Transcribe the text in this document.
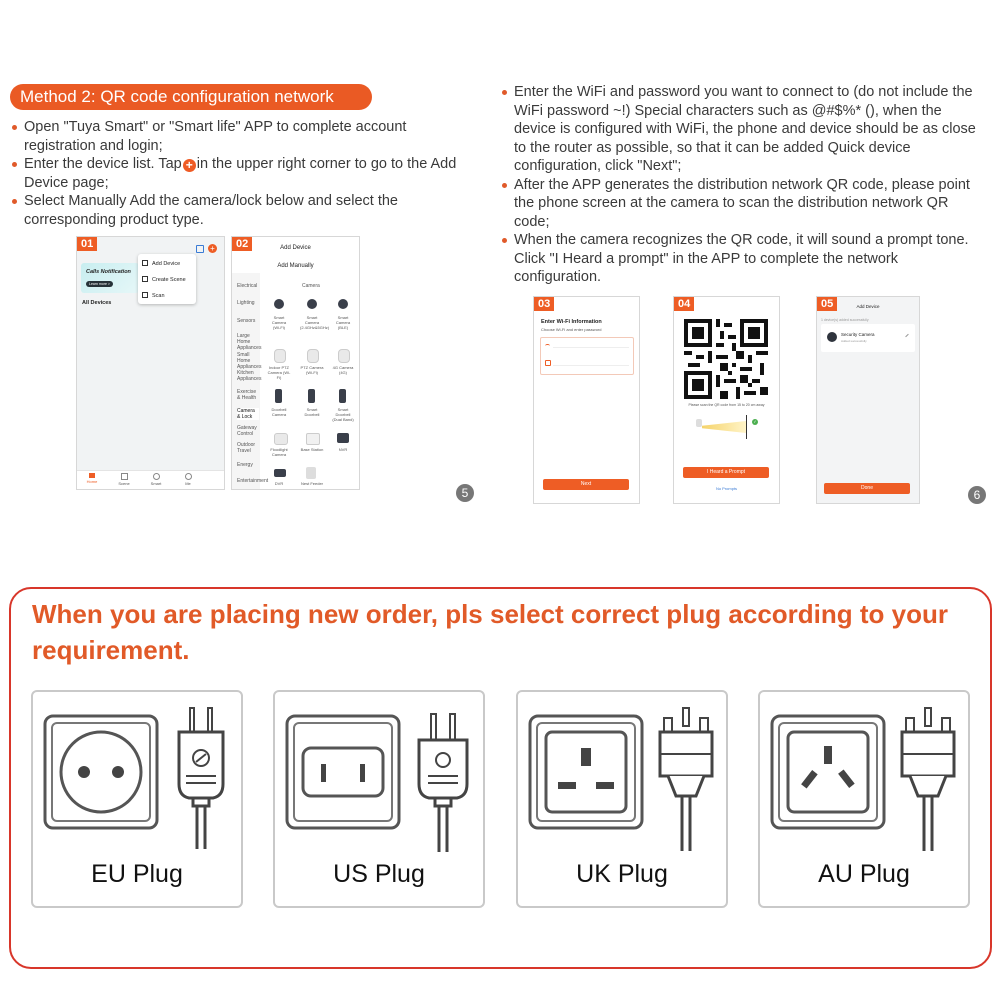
Method 2: QR code configuration network
Open "Tuya Smart" or "Smart life" APP to complete account registration and login;
Enter the device list. Tap + in the upper right corner to go to the Add Device page;
Select Manually Add the camera/lock below and select the corresponding product type.
Enter the WiFi and password you want to connect to (do not include the WiFi password ~!) Special characters such as @#$%* (), when the device is configured with WiFi, the phone and device should be as close to the router as possible, so that it can be added Quick device configuration, click "Next";
After the APP generates the distribution network QR code, please point the phone screen at the camera to scan the distribution network QR code;
When the camera recognizes the QR code, it will sound a prompt tone. Click "I Heard a prompt" in the APP to complete the network configuration.
01	+
Calls Notification
Learn more >
Add Device
Create Scene
Scan
All Devices
Home	Scene	Smart	Me
02	Add Device
Add Manually
Electrical
Lighting
Sensors
Large Home Appliances
Small Home Appliances
Kitchen Appliances
Exercise & Health
Camera & Lock
Gateway Control
Outdoor Travel
Energy
Entertainment
Camera
Smart Camera (Wi-Fi)
Smart Camera (2.4GHz&5GHz)
Smart Camera (BLE)
Indoor PTZ Camera (Wi-Fi)
PTZ Camera (Wi-Fi)
4G Camera (4G)
Doorbell Camera
Smart Doorbell
Smart Doorbell (Dual Band)
Floodlight Camera
Base Station	NVR
DVR	Nest Feeder
03
Enter Wi-Fi Information
Choose Wi-Fi and enter password
Next
04
Please scan the QR code from 15 to 20 cm away
✓
I Heard a Prompt
No Prompts
05	Add Device
1 device(s) added successfully
Security Camera
Added successfully
Done
5	6
When you are placing new order, pls select correct plug according to your requirement.
EU Plug	US Plug	UK Plug	AU Plug
